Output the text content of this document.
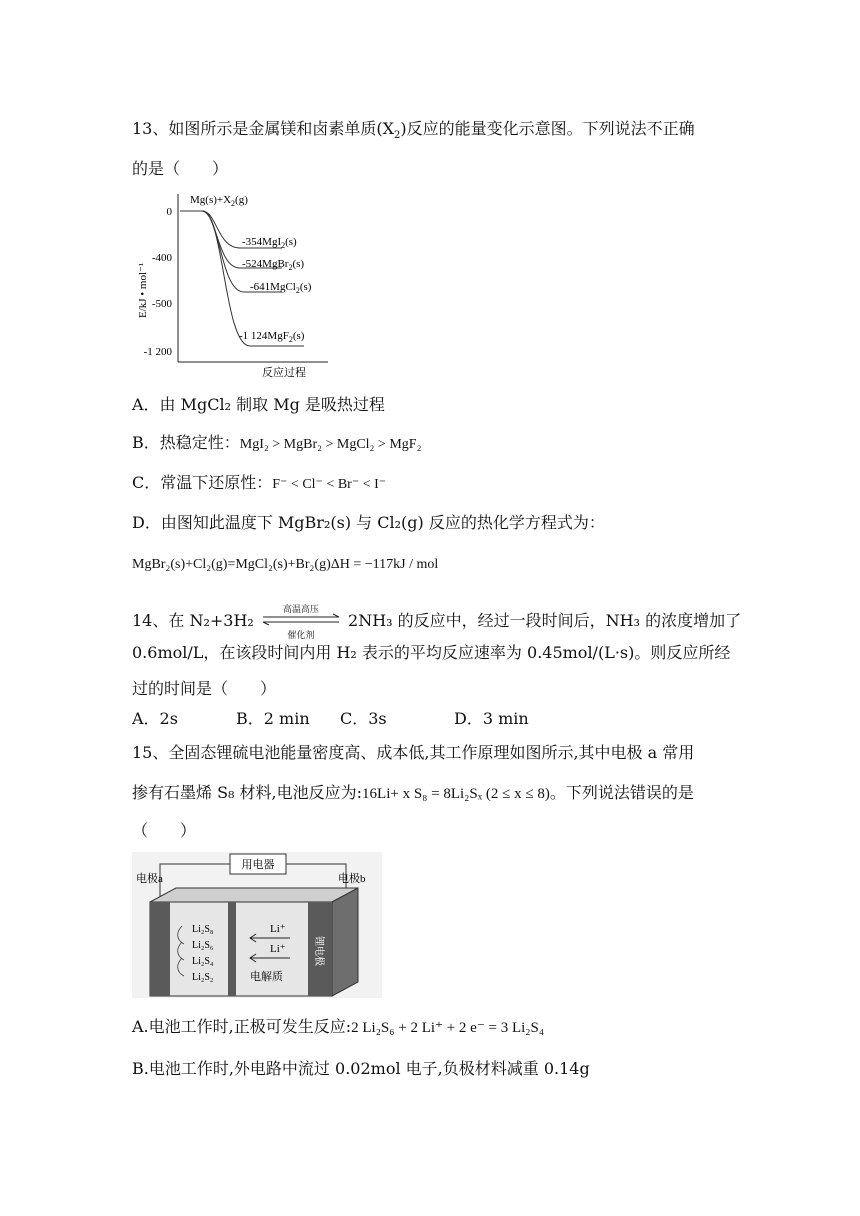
13、如图所示是金属镁和卤素单质$(X_2)$反应的能量变化示意图。下列说法不正确
的是（　　）
0
-400
-500
-1 200
E/kJ • mol⁻¹
反应过程
$Mg(s)+X_2(g)$
-354MgI$_2$(s)
-524MgBr$_2$(s)
-641MgCl$_2$(s)
-1 124MgF$_2$(s)
A．由 MgCl₂ 制取 Mg 是吸热过程
B．热稳定性：MgI₂ > MgBr₂ > MgCl₂ > MgF₂
C．常温下还原性：F⁻ < Cl⁻ < Br⁻ < I⁻
D．由图知此温度下 MgBr₂(s) 与 Cl₂(g) 反应的热化学方程式为：
MgBr₂(s)+Cl₂(g)=MgCl₂(s)+Br₂(g)ΔH = −117kJ / mol
14、在 N₂+3H₂
高温高压
催化剂
2NH₃ 的反应中，经过一段时间后，NH₃ 的浓度增加了
0.6mol/L，在该段时间内用 H₂ 表示的平均反应速率为 0.45mol/(L·s)。则反应所经
过的时间是（　　）
A．2s	B．2 min C．3s	D．3 min
15、全固态锂硫电池能量密度高、成本低,其工作原理如图所示,其中电极 a 常用
掺有石墨烯 S₈ 材料,电池反应为:16Li+ x S₈ = 8Li₂Sₓ (2 ≤ x ≤ 8)。下列说法错误的是
（　　）
用电器
电极a	电极b
锂电极
Li₂S₈
Li₂S₆
Li₂S₄
Li₂S₂
Li⁺
Li⁺
电解质
A.电池工作时,正极可发生反应:2 Li₂S₆ + 2 Li⁺ + 2 e⁻ = 3 Li₂S₄
B.电池工作时,外电路中流过 0.02mol 电子,负极材料减重 0.14g
